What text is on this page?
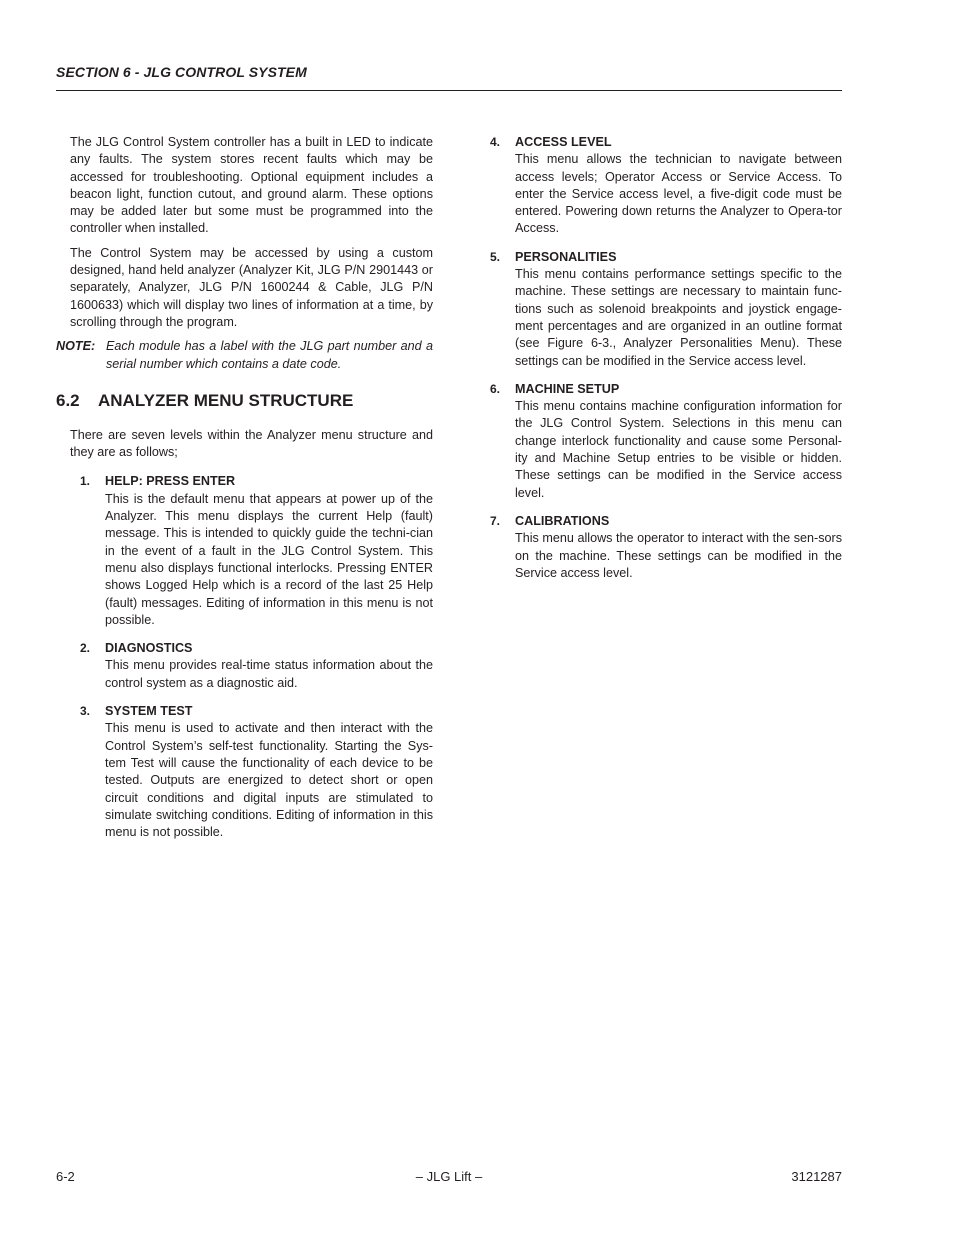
SECTION 6 - JLG CONTROL SYSTEM

The JLG Control System controller has a built in LED to indicate any faults. The system stores recent faults which may be accessed for troubleshooting. Optional equipment includes a beacon light, function cutout, and ground alarm. These options may be added later but some must be programmed into the controller when installed.

The Control System may be accessed by using a custom designed, hand held analyzer (Analyzer Kit, JLG P/N 2901443 or separately, Analyzer, JLG P/N 1600244 & Cable, JLG P/N 1600633) which will display two lines of information at a time, by scrolling through the program.

NOTE: Each module has a label with the JLG part number and a serial number which contains a date code.
6.2	ANALYZER MENU STRUCTURE

There are seven levels within the Analyzer menu structure and they are as follows;

1.	HELP: PRESS ENTER
This is the default menu that appears at power up of the Analyzer. This menu displays the current Help (fault) message. This is intended to quickly guide the techni-cian in the event of a fault in the JLG Control System. This menu also displays functional interlocks. Pressing ENTER shows Logged Help which is a record of the last 25 Help (fault) messages. Editing of information in this menu is not possible.
2.	DIAGNOSTICS
This menu provides real-time status information about the control system as a diagnostic aid.
3.	SYSTEM TEST
This menu is used to activate and then interact with the Control System’s self-test functionality. Starting the Sys-tem Test will cause the functionality of each device to be tested. Outputs are energized to detect short or open circuit conditions and digital inputs are stimulated to simulate switching conditions. Editing of information in this menu is not possible.
4.	ACCESS LEVEL
This menu allows the technician to navigate between access levels; Operator Access or Service Access. To enter the Service access level, a five-digit code must be entered. Powering down returns the Analyzer to Opera-tor Access.
5.	PERSONALITIES
This menu contains performance settings specific to the machine. These settings are necessary to maintain func-tions such as solenoid breakpoints and joystick engage-ment percentages and are organized in an outline format (see Figure 6-3., Analyzer Personalities Menu). These settings can be modified in the Service access level.
6.	MACHINE SETUP
This menu contains machine configuration information for the JLG Control System. Selections in this menu can change interlock functionality and cause some Personal-ity and Machine Setup entries to be visible or hidden. These settings can be modified in the Service access level.
7.	CALIBRATIONS
This menu allows the operator to interact with the sen-sors on the machine. These settings can be modified in the Service access level.
6-2	– JLG Lift –	3121287
